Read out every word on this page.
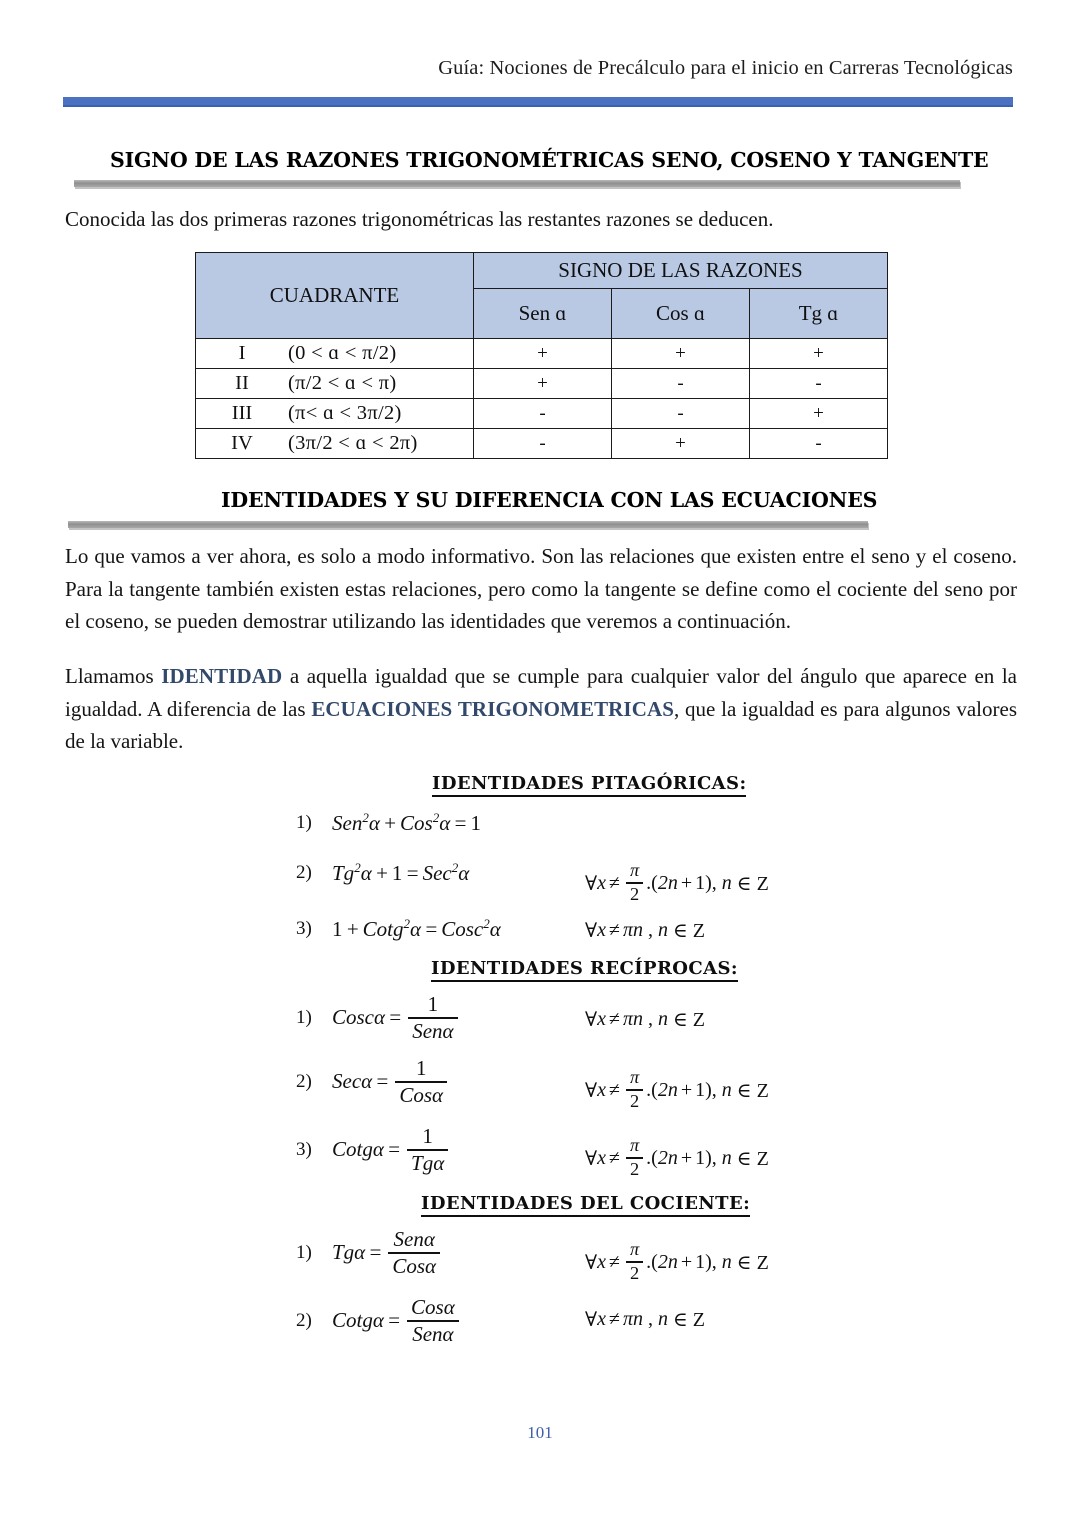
Guía: Nociones de Precálculo para el inicio en Carreras Tecnológicas
SIGNO DE LAS RAZONES TRIGONOMÉTRICAS SENO, COSENO Y TANGENTE
Conocida las dos primeras razones trigonométricas las restantes razones se deducen.
CUADRANTE	SIGNO DE LAS RAZONES		
	Sen ɑ	Cos ɑ	Tg ɑ

I (0 < ɑ < π/2)	+	+	+

II (π/2 < ɑ < π)	+	-	-

III (π< ɑ < 3π/2)	-	-	+

IV (3π/2 < ɑ < 2π)	-	+	-
IDENTIDADES Y SU DIFERENCIA CON LAS ECUACIONES
Lo que vamos a ver ahora, es solo a modo informativo. Son las relaciones que existen entre el seno y el coseno. Para la tangente también existen estas relaciones, pero como la tangente se define como el cociente del seno por el coseno, se pueden demostrar utilizando las identidades que veremos a continuación.
Llamamos IDENTIDAD a aquella igualdad que se cumple para cualquier valor del ángulo que aparece en la igualdad. A diferencia de las ECUACIONES TRIGONOMETRICAS, que la igualdad es para algunos valores de la variable.
IDENTIDADES PITAGÓRICAS:
1) Sen$^2$α + Cos$^2$α = 1
2) $Tg^2\alpha + 1 = Sec^2\alpha$	∀ $x \ne \frac{\pi}{2}$ . ( 2n + 1) ,
n
∈ Z
3) 1 + Cotg$^2$α = Cosc$^2$α	∀ x ≠ πn ,
n
∈ Z
IDENTIDADES RECÍPROCAS:
1) Coscα = $\frac{1}{\text{Senα}}$	∀ x ≠ πn ,
n
∈ Z
2) $Sec\alpha = \frac{1}{\text{Cosα}}$	∀ $x \ne \frac{\pi}{2}$ . ( 2n + 1) ,
n
∈ Z
3) Cotgα = $\frac{1}{\text{Tgα}}$	∀ $x \ne \frac{\pi}{2}$ . ( 2n + 1) ,
n
∈ Z
IDENTIDADES DEL COCIENTE:
1) $Tg\alpha = \frac{\text{Senα}}{\text{Cosα}}$	∀ $x \ne \frac{\pi}{2}$ . ( 2n + 1) ,
n
∈ Z
2) Cotgα = $\frac{\text{Cosα}}{\text{Senα}}$	∀ x ≠ πn ,
n
∈ Z
101
